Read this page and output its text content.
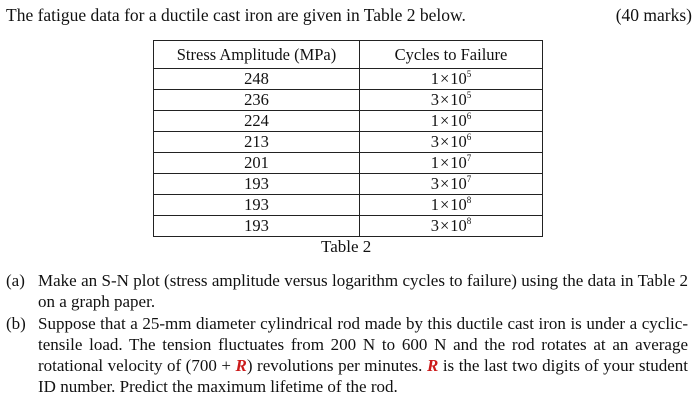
The fatigue data for a ductile cast iron are given in Table 2 below.	(40 marks)
Stress Amplitude (MPa)	Cycles to Failure
248	$1\times 10^5$
236	$3\times 10^5$
224	$1\times 10^6$
213	$3\times 10^6$
201	$1\times 10^7$
193	$3\times 10^7$
193	$1\times 10^8$
193	$3\times 10^8$
Table 2
(a) Make an S-N plot (stress amplitude versus logarithm cycles to failure) using the data in Table 2 on a graph paper.
(b) Suppose that a 25-mm diameter cylindrical rod made by this ductile cast iron is under a cyclic-tensile load. The tension fluctuates from 200 N to 600 N and the rod rotates at an average rotational velocity of (700 + R) revolutions per minutes. R is the last two digits of your student ID number. Predict the maximum lifetime of the rod.
